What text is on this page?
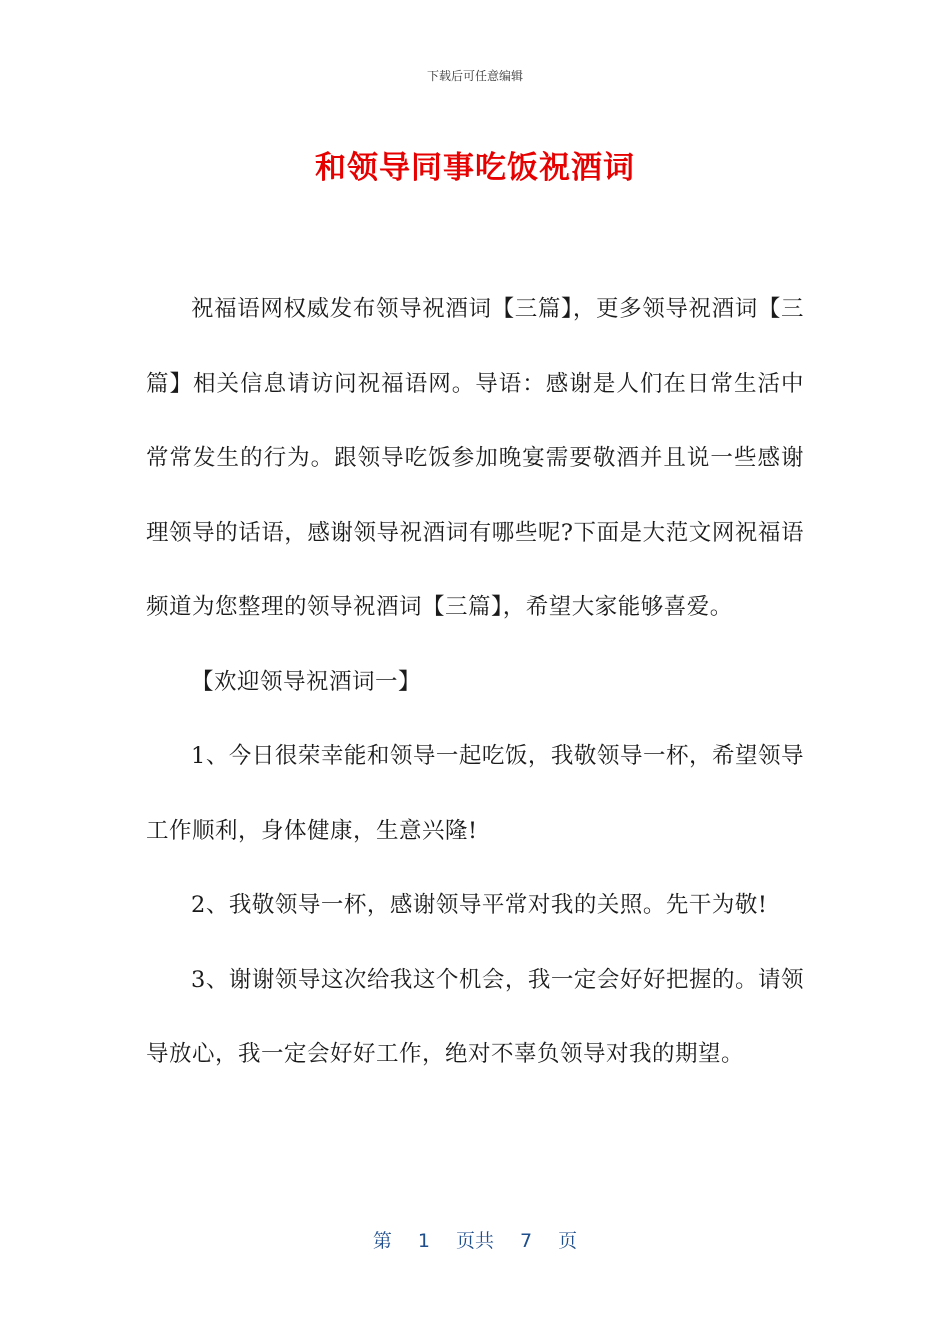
下载后可任意编辑
和领导同事吃饭祝酒词

祝福语网权威发布领导祝酒词【三篇】，更多领导祝酒词【三篇】相关信息请访问祝福语网。导语：感谢是人们在日常生活中常常发生的行为。跟领导吃饭参加晚宴需要敬酒并且说一些感谢理领导的话语，感谢领导祝酒词有哪些呢?下面是大范文网祝福语频道为您整理的领导祝酒词【三篇】，希望大家能够喜爱。

【欢迎领导祝酒词一】

1、今日很荣幸能和领导一起吃饭，我敬领导一杯，希望领导工作顺利，身体健康，生意兴隆!

2、我敬领导一杯，感谢领导平常对我的关照。先干为敬!

3、谢谢领导这次给我这个机会，我一定会好好把握的。请领导放心，我一定会好好工作，绝对不辜负领导对我的期望。

第 1 页共 7 页
